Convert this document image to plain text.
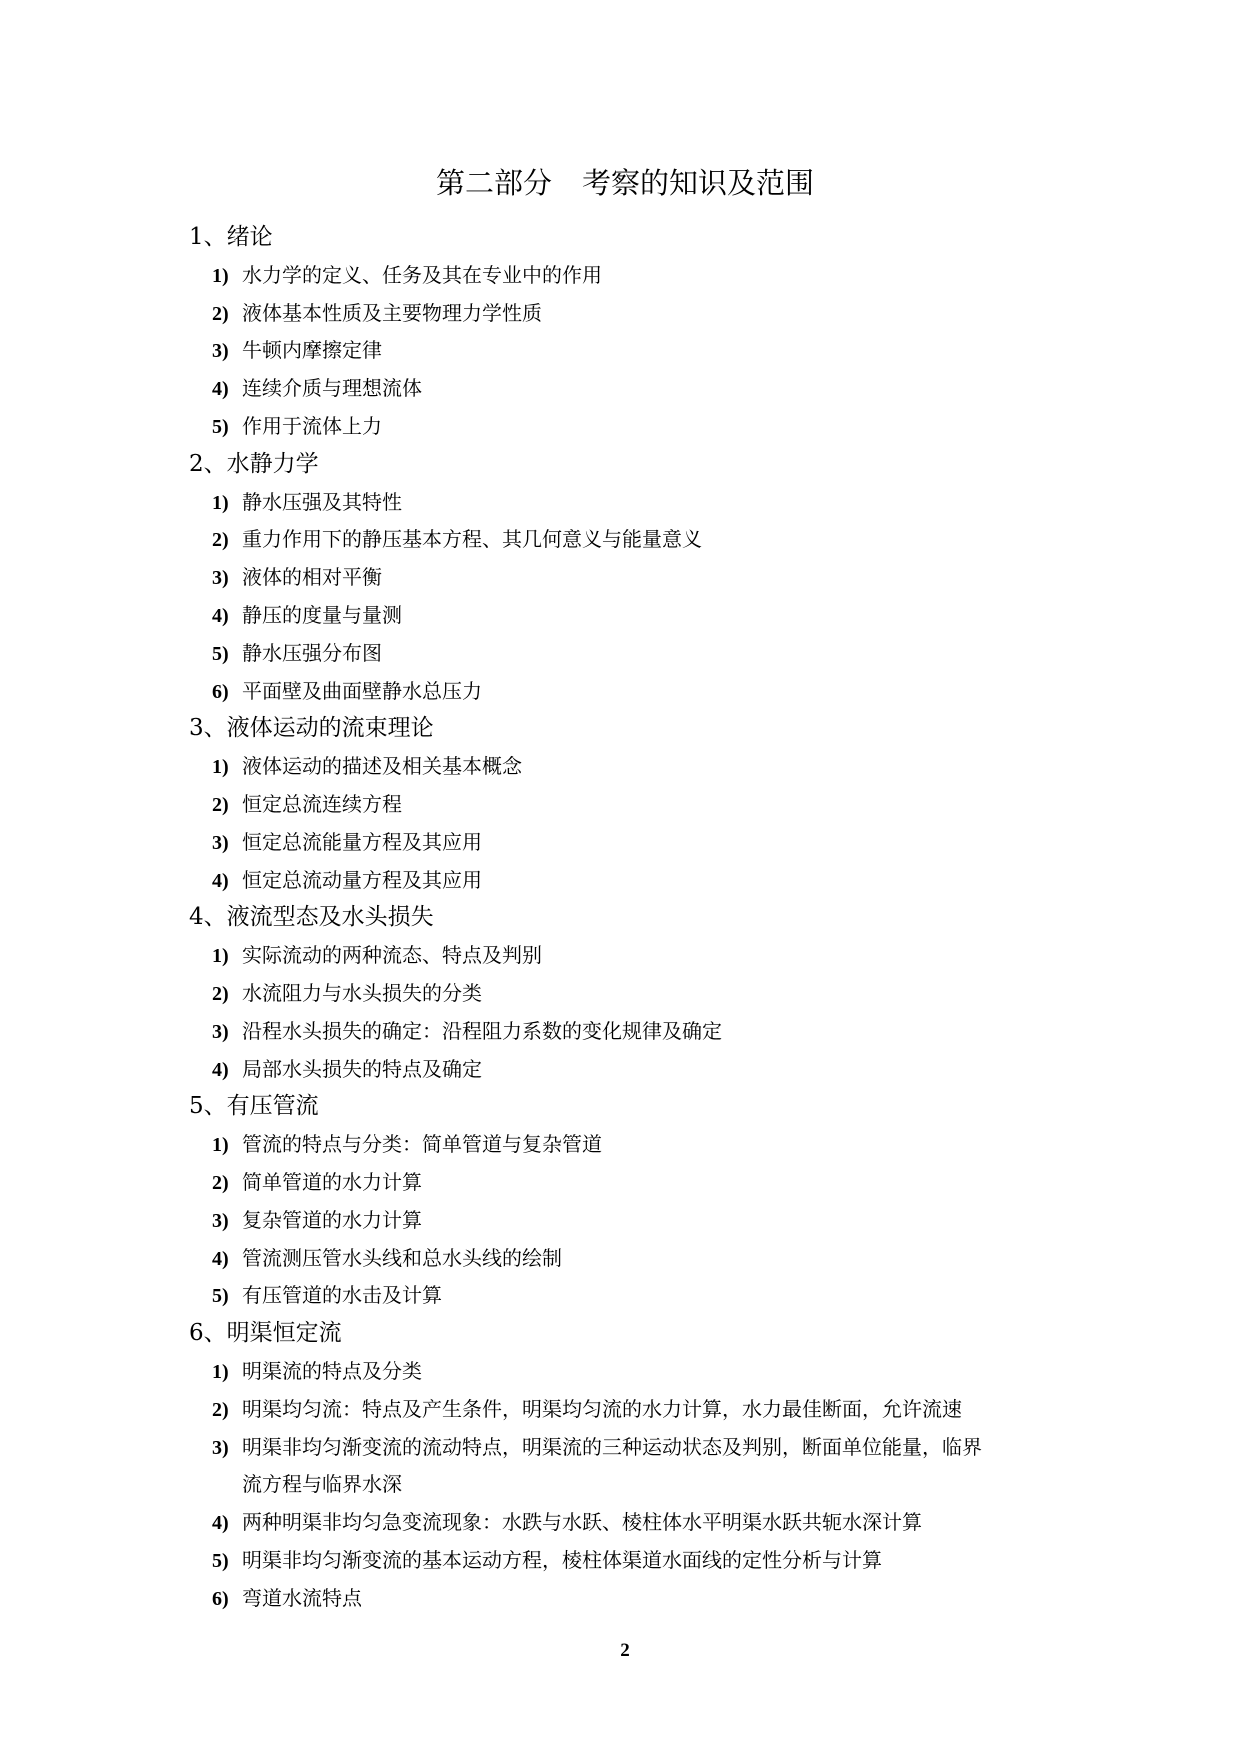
第二部分 考察的知识及范围
1、绪论
1) 水力学的定义、任务及其在专业中的作用
2) 液体基本性质及主要物理力学性质
3) 牛顿内摩擦定律
4) 连续介质与理想流体
5) 作用于流体上力
2、水静力学
1) 静水压强及其特性
2) 重力作用下的静压基本方程、其几何意义与能量意义
3) 液体的相对平衡
4) 静压的度量与量测
5) 静水压强分布图
6) 平面壁及曲面壁静水总压力
3、液体运动的流束理论
1) 液体运动的描述及相关基本概念
2) 恒定总流连续方程
3) 恒定总流能量方程及其应用
4) 恒定总流动量方程及其应用
4、液流型态及水头损失
1) 实际流动的两种流态、特点及判别
2) 水流阻力与水头损失的分类
3) 沿程水头损失的确定：沿程阻力系数的变化规律及确定
4) 局部水头损失的特点及确定
5、有压管流
1) 管流的特点与分类：简单管道与复杂管道
2) 简单管道的水力计算
3) 复杂管道的水力计算
4) 管流测压管水头线和总水头线的绘制
5) 有压管道的水击及计算
6、明渠恒定流
1) 明渠流的特点及分类
2) 明渠均匀流：特点及产生条件，明渠均匀流的水力计算，水力最佳断面，允许流速
3) 明渠非均匀渐变流的流动特点，明渠流的三种运动状态及判别，断面单位能量，临界
流方程与临界水深
4) 两种明渠非均匀急变流现象：水跌与水跃、棱柱体水平明渠水跃共轭水深计算
5) 明渠非均匀渐变流的基本运动方程，棱柱体渠道水面线的定性分析与计算
6) 弯道水流特点
2
